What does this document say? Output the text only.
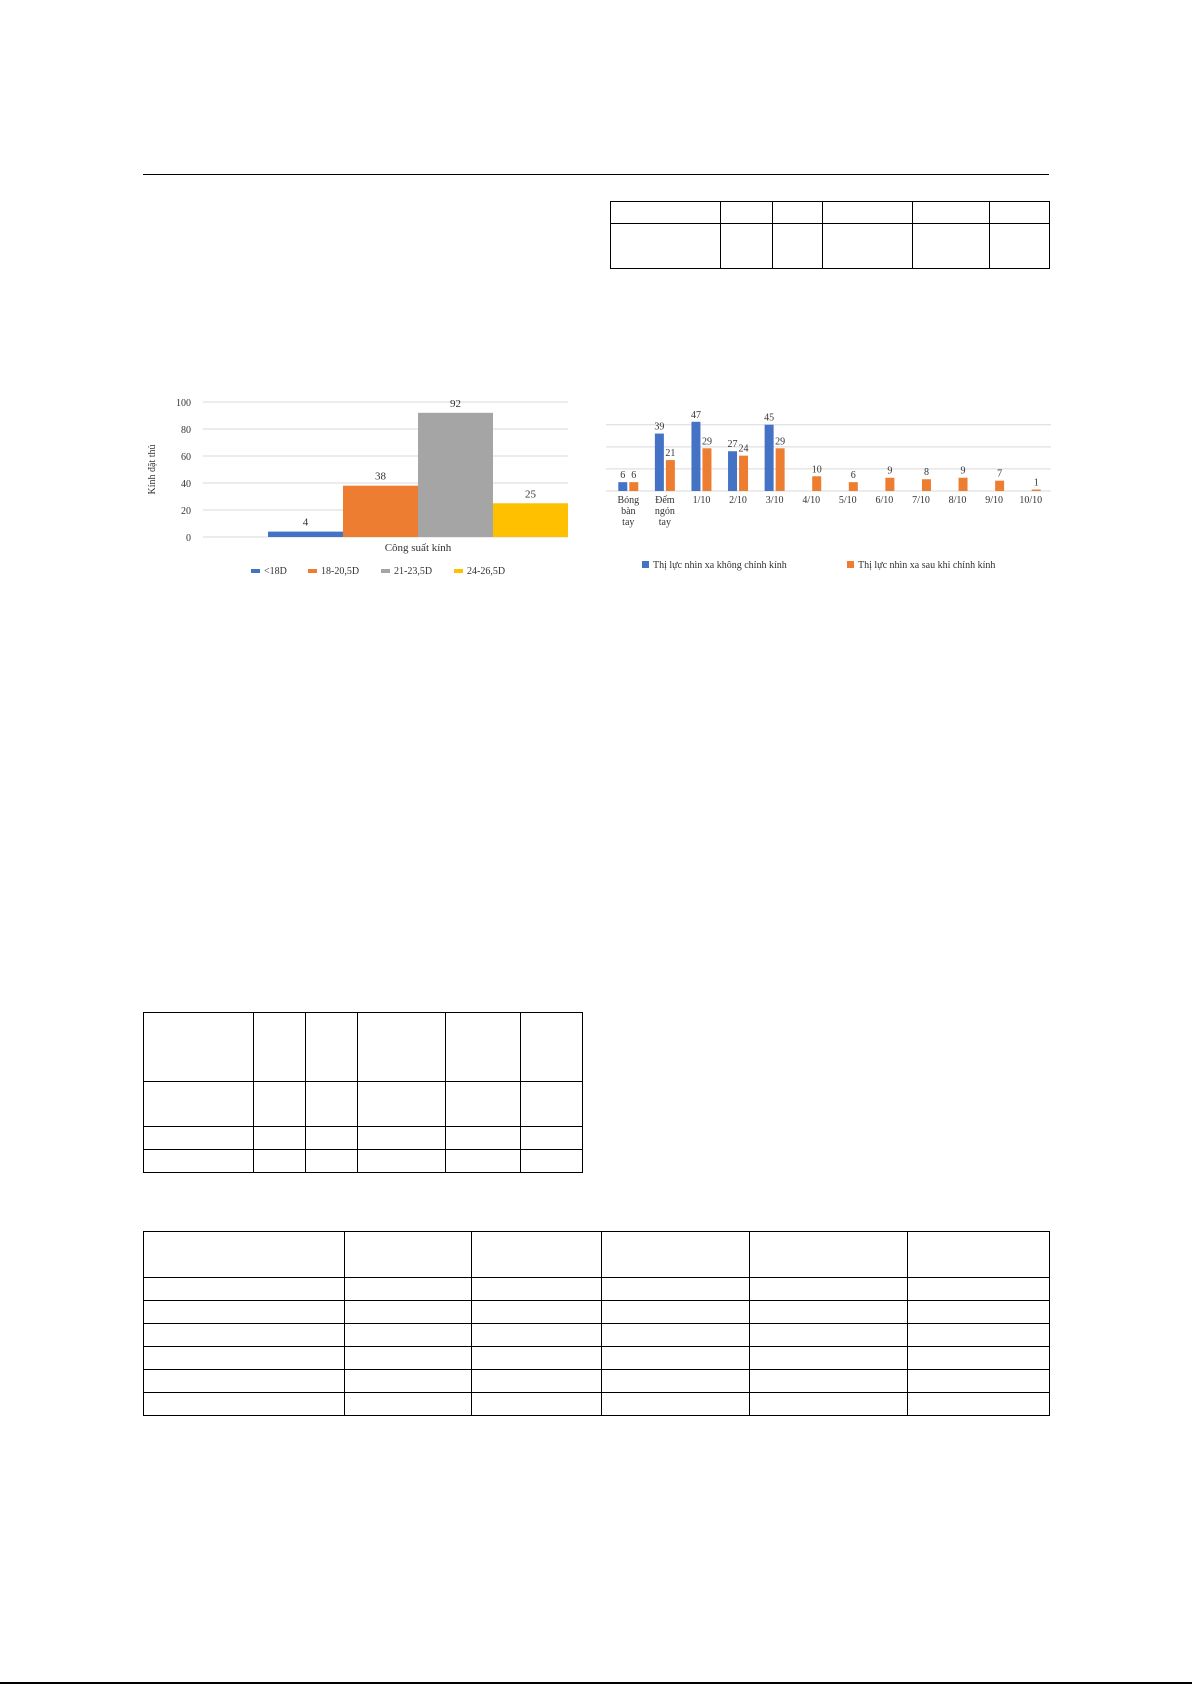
0
20
40
60
80
100
Kính đặt thủ
4
38
92
25
Công suất kính
<18D	18-20,5D	21-23,5D	24-26,5D
6 6
Bóng
bàn
tay
39
21
Đếm
ngón
tay
47
29
1/10
27 24
2/10
45
29
3/10
10
4/10
6
5/10
9
6/10
8
7/10
9
8/10
7
9/10
1
10/10
Thị lực nhìn xa không chỉnh kính	Thị lực nhìn xa sau khi chỉnh kính
